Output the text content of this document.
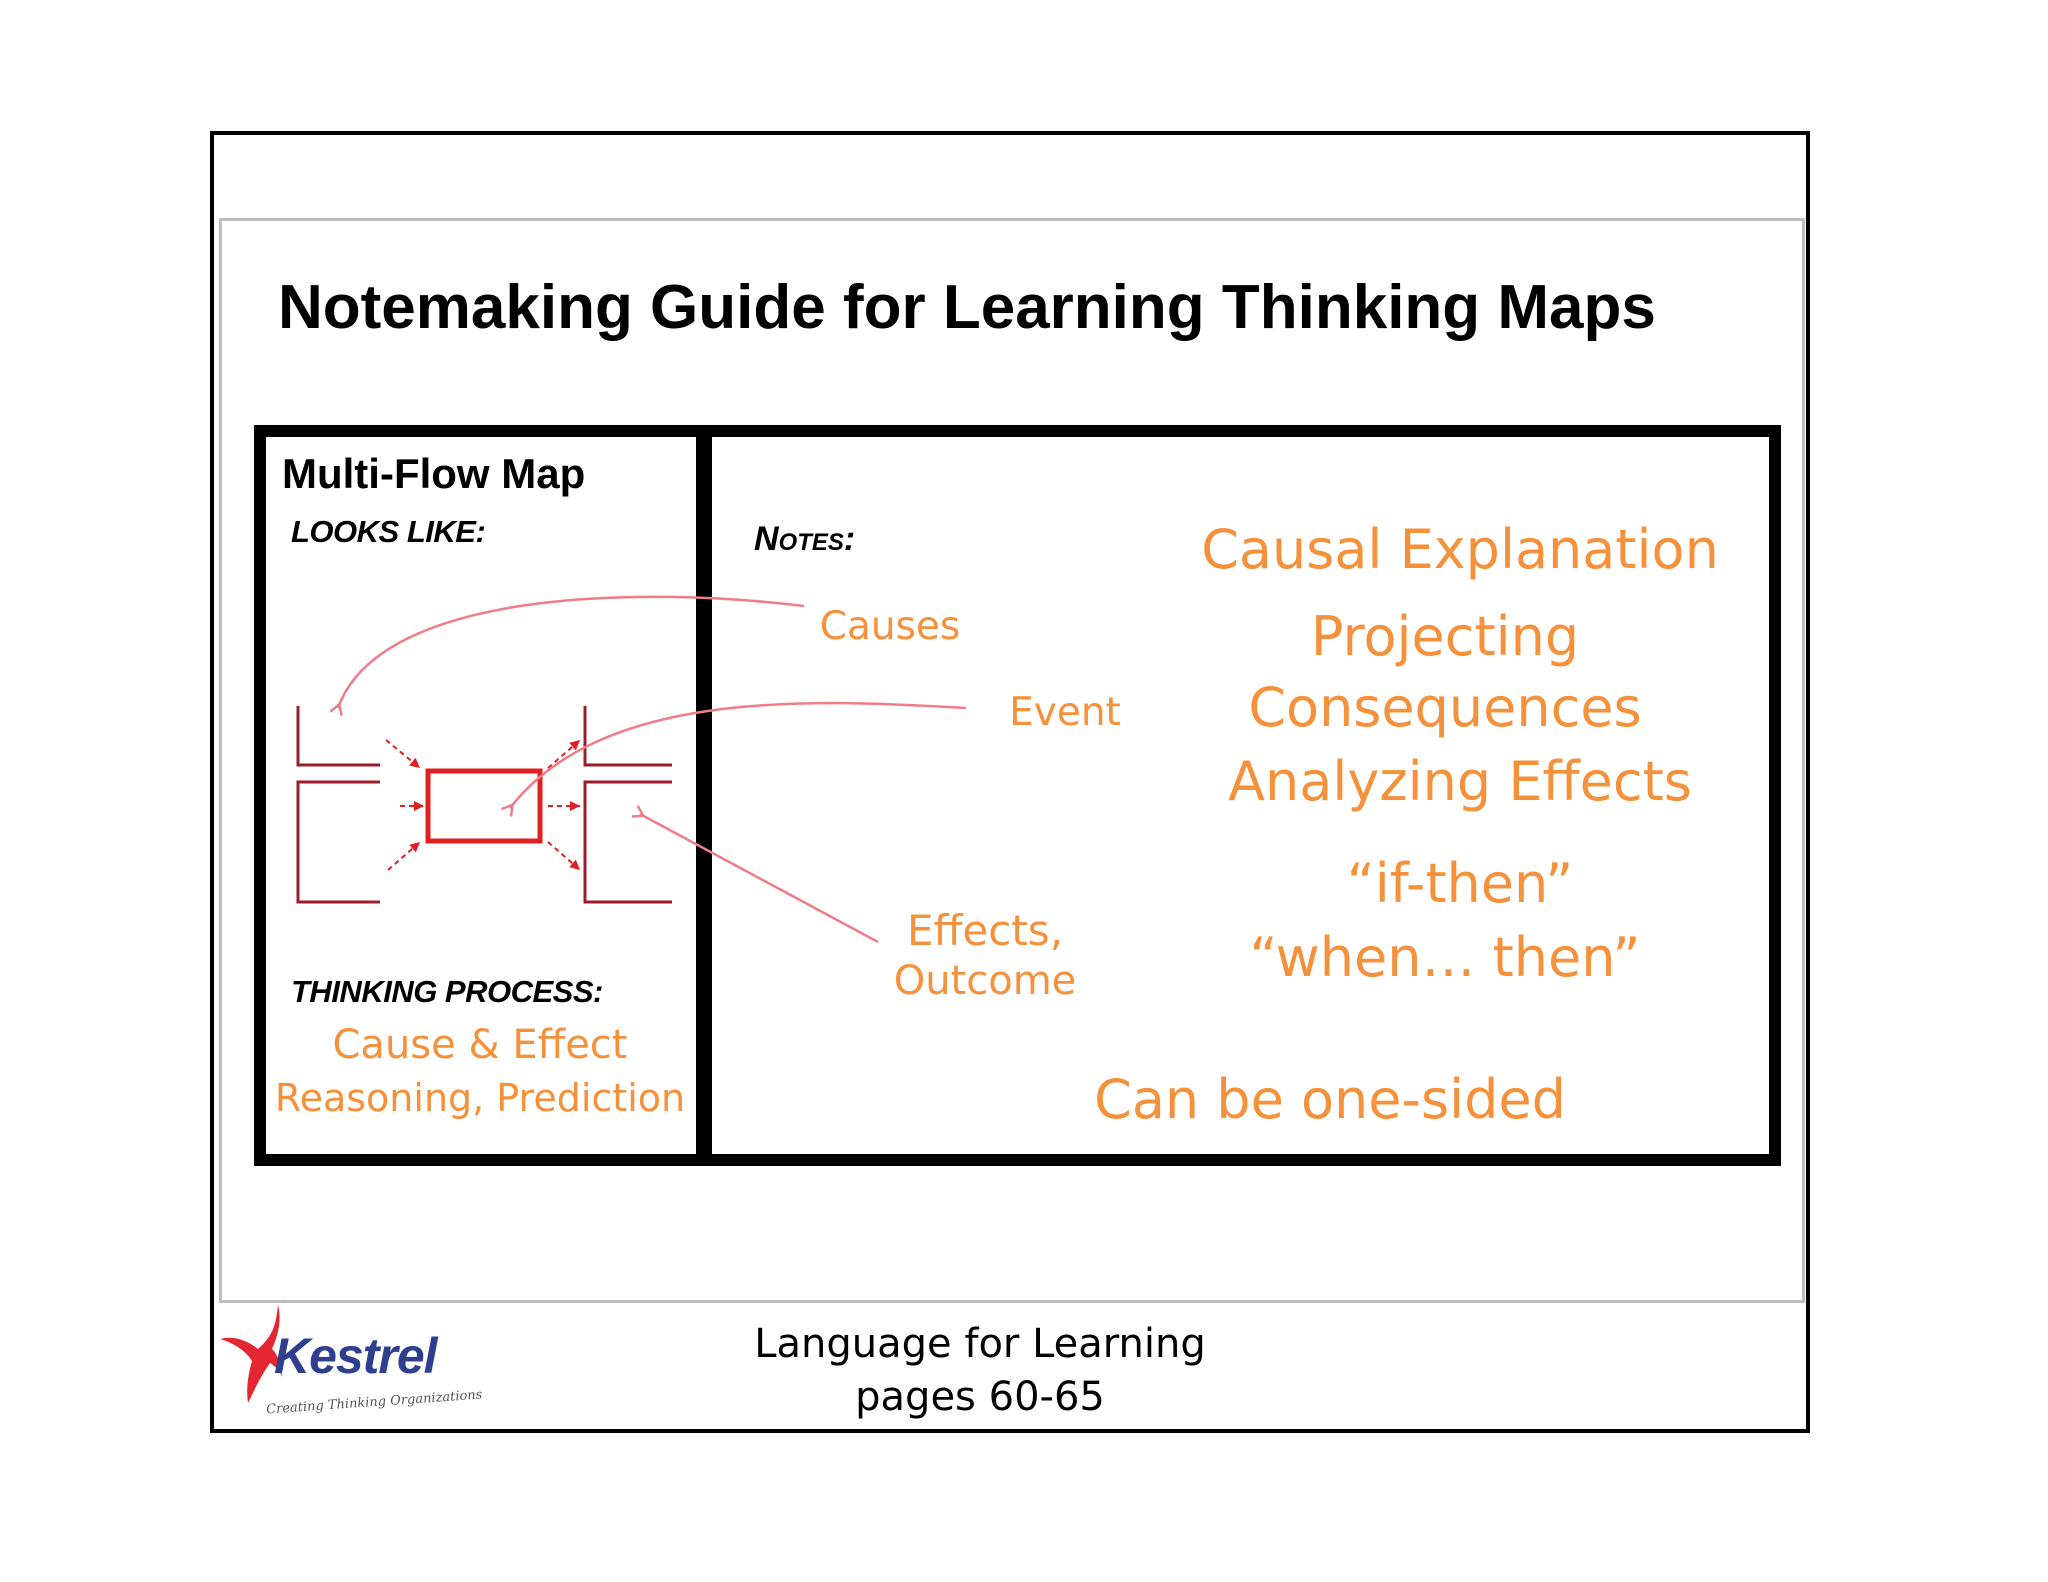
Notemaking Guide for Learning Thinking Maps
Multi-Flow Map
LOOKS LIKE:
THINKING PROCESS:
Cause & Effect
Reasoning, Prediction
Notes:
Causes
Event
Effects,
Outcome
Causal Explanation
Projecting
Consequences
Analyzing Effects
“if-then”
“when… then”
Can be one-sided
Kestrel
Creating Thinking Organizations
Language for Learning
pages 60-65
